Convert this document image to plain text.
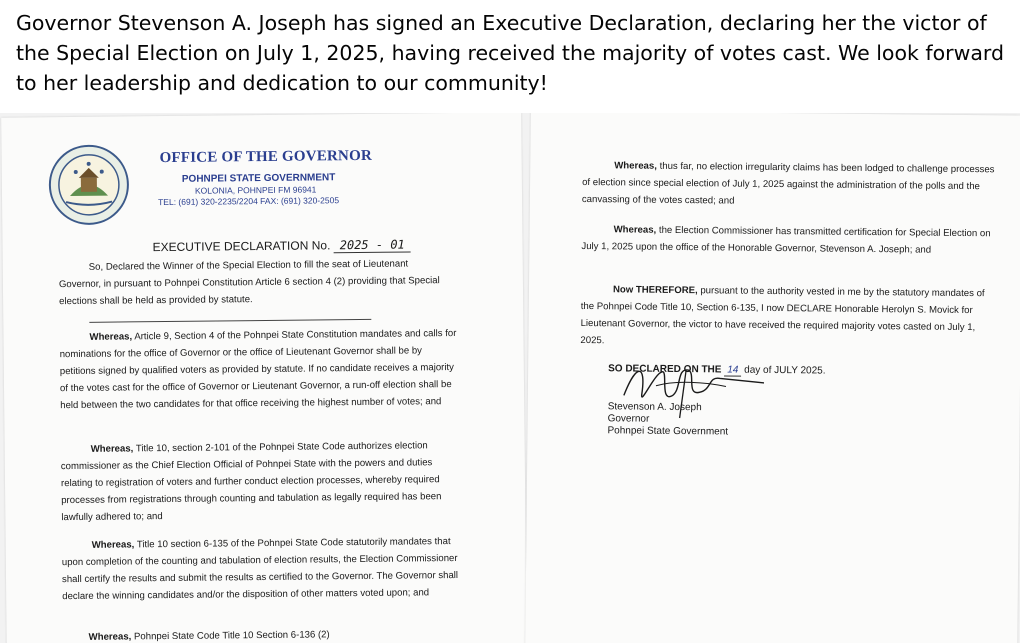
Governor Stevenson A. Joseph has signed an Executive Declaration, declaring her the victor of the Special Election on July 1, 2025, having received the majority of votes cast. We look forward to her leadership and dedication to our community!
OFFICE OF THE GOVERNOR
POHNPEI STATE GOVERNMENT
KOLONIA, POHNPEI FM 96941
TEL: (691) 320-2235/2204 FAX: (691) 320-2505
EXECUTIVE DECLARATION No. 2025 - 01

So, Declared the Winner of the Special Election to fill the seat of Lieutenant Governor, in pursuant to Pohnpei Constitution Article 6 section 4 (2) providing that Special elections shall be held as provided by statute.

Whereas, Article 9, Section 4 of the Pohnpei State Constitution mandates and calls for nominations for the office of Governor or the office of Lieutenant Governor shall be by petitions signed by qualified voters as provided by statute. If no candidate receives a majority of the votes cast for the office of Governor or Lieutenant Governor, a run-off election shall be held between the two candidates for that office receiving the highest number of votes; and

Whereas, Title 10, section 2-101 of the Pohnpei State Code authorizes election commissioner as the Chief Election Official of Pohnpei State with the powers and duties relating to registration of voters and further conduct election processes, whereby required processes from registrations through counting and tabulation as legally required has been lawfully adhered to; and

Whereas, Title 10 section 6-135 of the Pohnpei State Code statutorily mandates that upon completion of the counting and tabulation of election results, the Election Commissioner shall certify the results and submit the results as certified to the Governor. The Governor shall declare the winning candidates and/or the disposition of other matters voted upon; and

Whereas, Pohnpei State Code Title 10 Section 6-136 (2)

Whereas, thus far, no election irregularity claims has been lodged to challenge processes of election since special election of July 1, 2025 against the administration of the polls and the canvassing of the votes casted; and

Whereas, the Election Commissioner has transmitted certification for Special Election on July 1, 2025 upon the office of the Honorable Governor, Stevenson A. Joseph; and

Now THEREFORE, pursuant to the authority vested in me by the statutory mandates of the Pohnpei Code Title 10, Section 6-135, I now DECLARE Honorable Herolyn S. Movick for Lieutenant Governor, the victor to have received the required majority votes casted on July 1, 2025.

SO DECLARED ON THE 14 day of JULY 2025.
Stevenson A. Joseph
Governor
Pohnpei State Government
